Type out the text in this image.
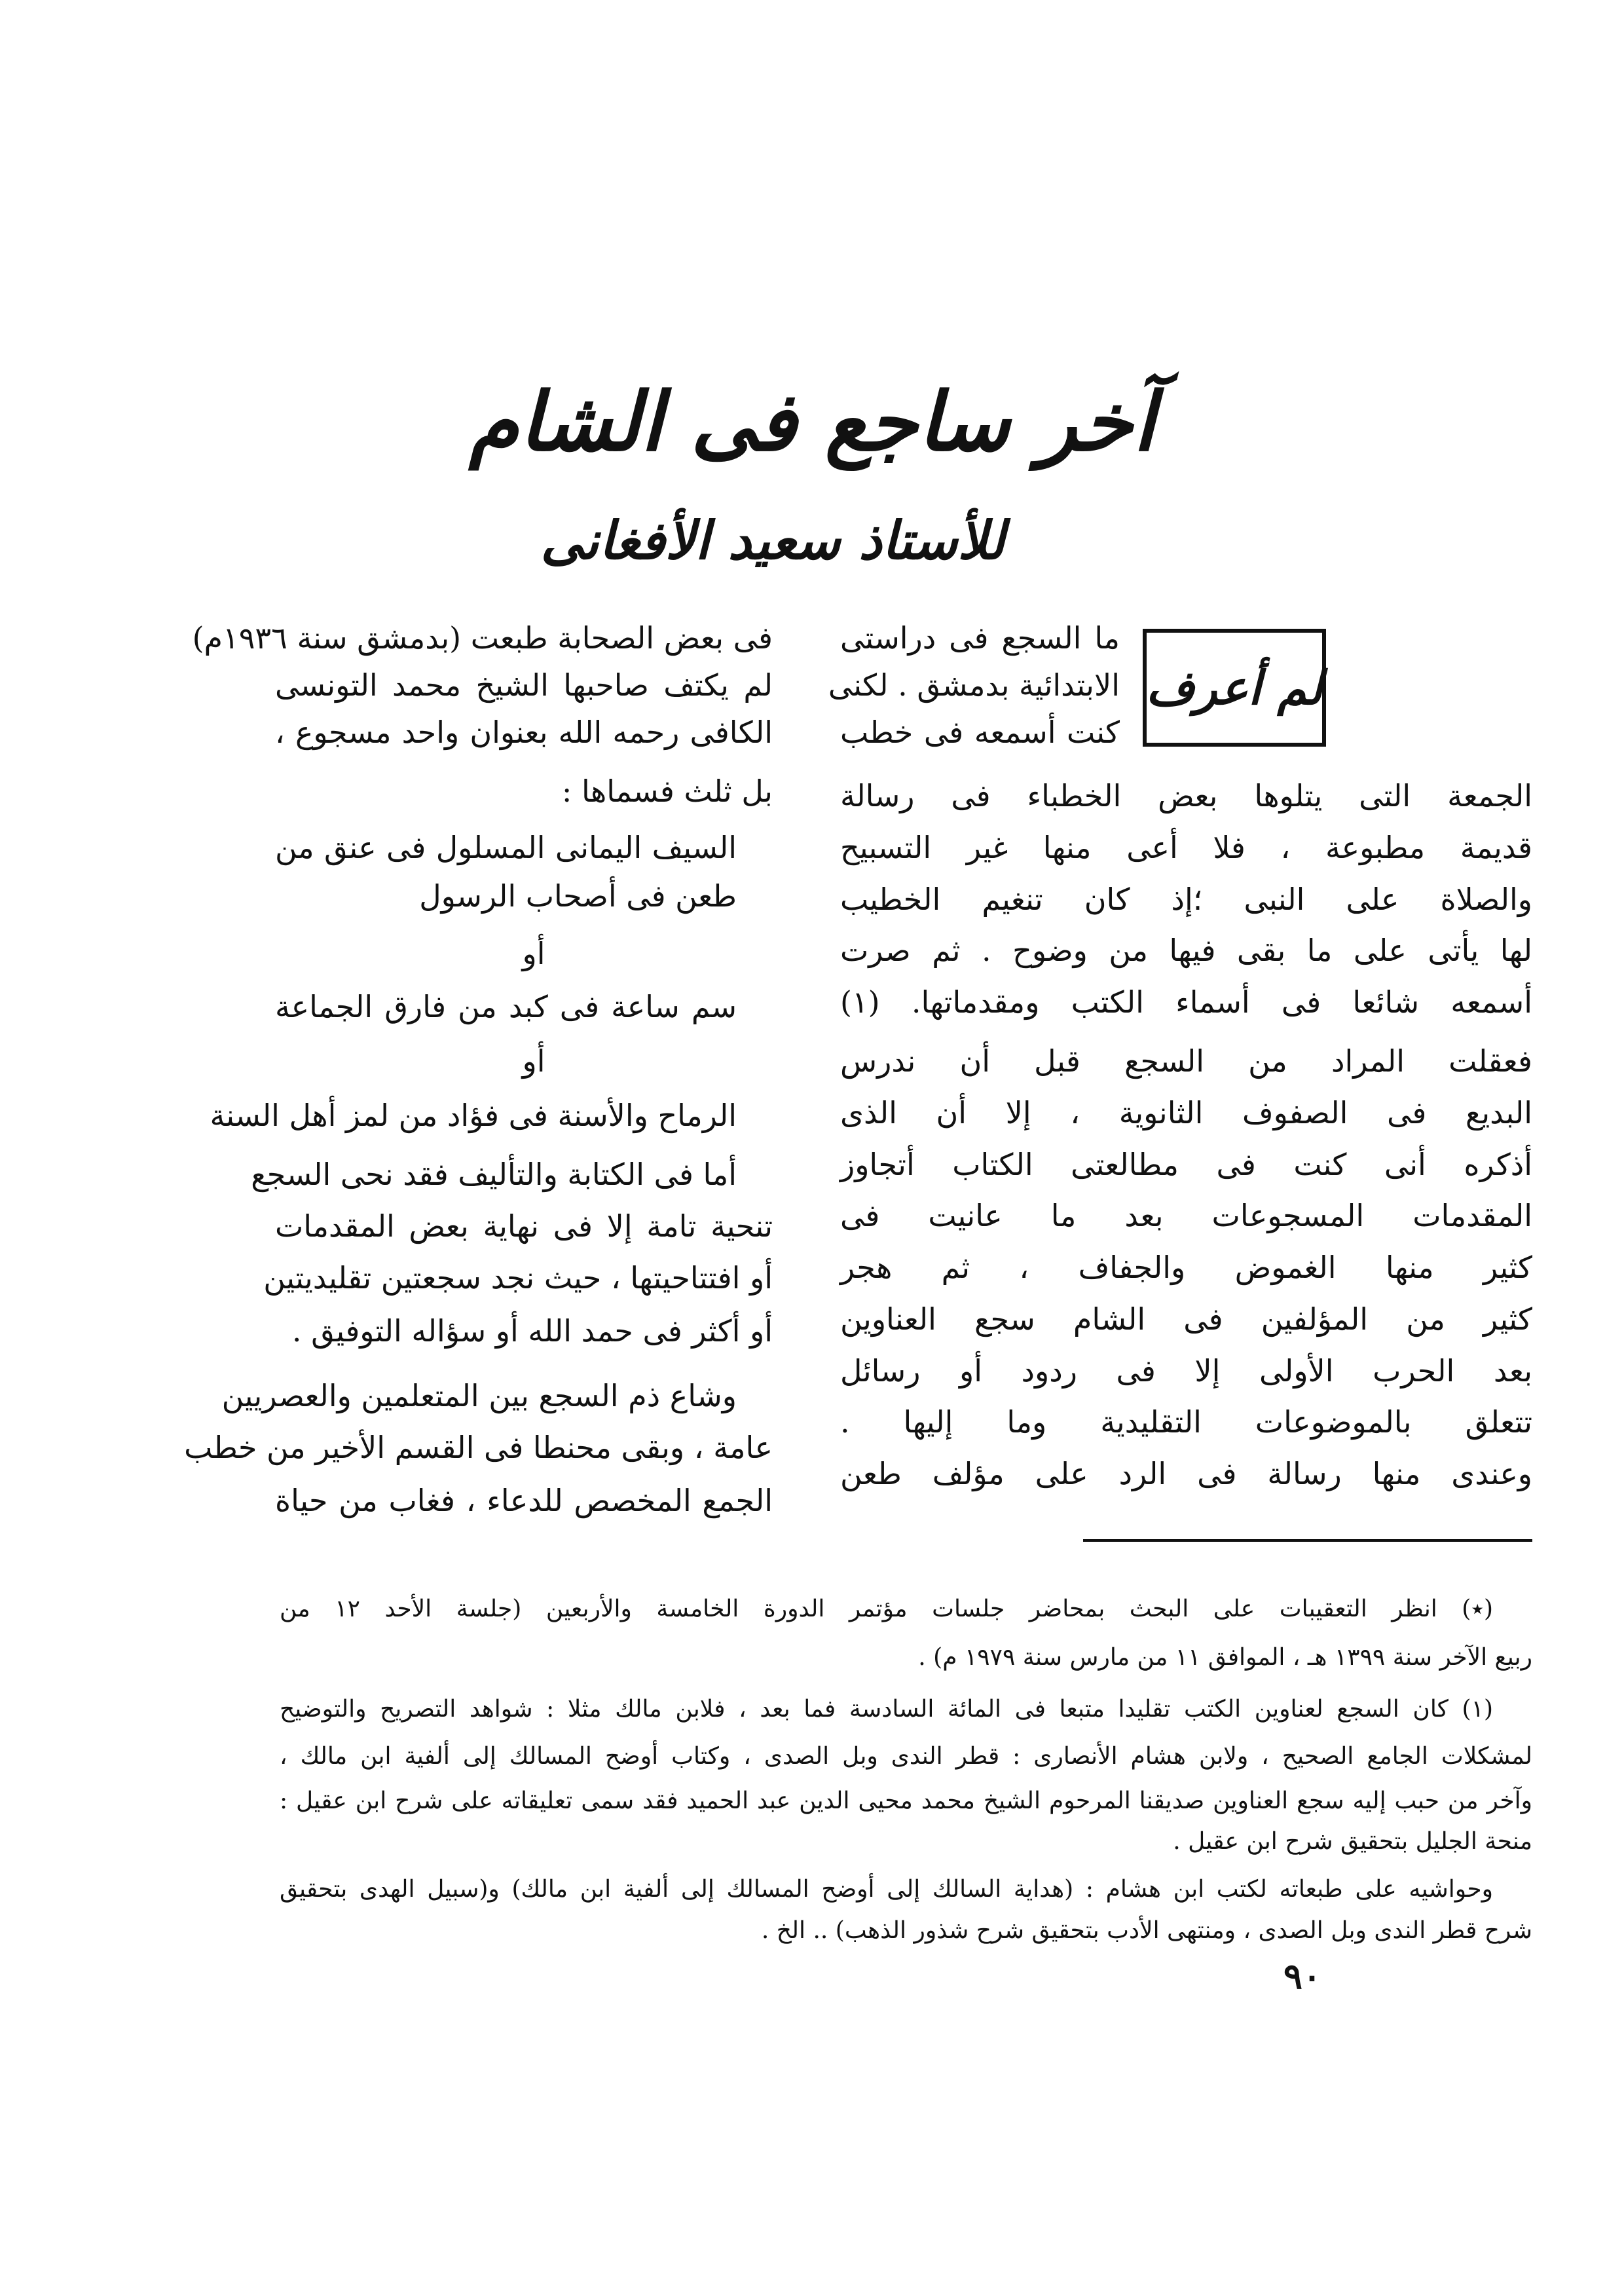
آخر ساجع فى الشام
للأستاذ سعيد الأفغانى
لم أعرف
ما السجع فى دراستى
الابتدائية بدمشق . لكنى
كنت أسمعه فى خطب
الجمعة التى يتلوها بعض الخطباء فى رسالة
قديمة مطبوعة ، فلا أعى منها غير التسبيح
والصلاة على النبى ؛إذ كان تنغيم الخطيب
لها يأتى على ما بقى فيها من وضوح . ثم صرت
أسمعه شائعا فى أسماء الكتب ومقدماتها. (١)
فعقلت المراد من السجع قبل أن ندرس
البديع فى الصفوف الثانوية ، إلا أن الذى
أذكره أنى كنت فى مطالعتى الكتاب أتجاوز
المقدمات المسجوعات بعد ما عانيت فى
كثير منها الغموض والجفاف ، ثم هجر
كثير من المؤلفين فى الشام سجع العناوين
بعد الحرب الأولى إلا فى ردود أو رسائل
تتعلق بالموضوعات التقليدية وما إليها .
وعندى منها رسالة فى الرد على مؤلف طعن
فى بعض الصحابة طبعت (بدمشق سنة ١٩٣٦م)
لم يكتف صاحبها الشيخ محمد التونسى
الكافى رحمه الله بعنوان واحد مسجوع ،
بل ثلث فسماها :
السيف اليمانى المسلول فى عنق من
طعن فى أصحاب الرسول
أو
سم ساعة فى كبد من فارق الجماعة
أو
الرماح والأسنة فى فؤاد من لمز أهل السنة
أما فى الكتابة والتأليف فقد نحى السجع
تنحية تامة إلا فى نهاية بعض المقدمات
أو افتتاحيتها ، حيث نجد سجعتين تقليديتين
أو أكثر فى حمد الله أو سؤاله التوفيق .
وشاع ذم السجع بين المتعلمين والعصريين
عامة ، وبقى محنطا فى القسم الأخير من خطب
الجمع المخصص للدعاء ، فغاب من حياة
(٭) انظر التعقيبات على البحث بمحاضر جلسات مؤتمر الدورة الخامسة والأربعين (جلسة الأحد ١٢ من
ربيع الآخر سنة ١٣٩٩ هـ ، الموافق ١١ من مارس سنة ١٩٧٩ م) .
(١) كان السجع لعناوين الكتب تقليدا متبعا فى المائة السادسة فما بعد ، فلابن مالك مثلا : شواهد التصريح والتوضيح
لمشكلات الجامع الصحيح ، ولابن هشام الأنصارى : قطر الندى وبل الصدى ، وكتاب أوضح المسالك إلى ألفية ابن مالك ،
وآخر من حبب إليه سجع العناوين صديقنا المرحوم الشيخ محمد محيى الدين عبد الحميد فقد سمى تعليقاته على شرح ابن عقيل :
منحة الجليل بتحقيق شرح ابن عقيل .
وحواشيه على طبعاته لكتب ابن هشام : (هداية السالك إلى أوضح المسالك إلى ألفية ابن مالك) و(سبيل الهدى بتحقيق
شرح قطر الندى وبل الصدى ، ومنتهى الأدب بتحقيق شرح شذور الذهب) .. الخ .
٩٠
